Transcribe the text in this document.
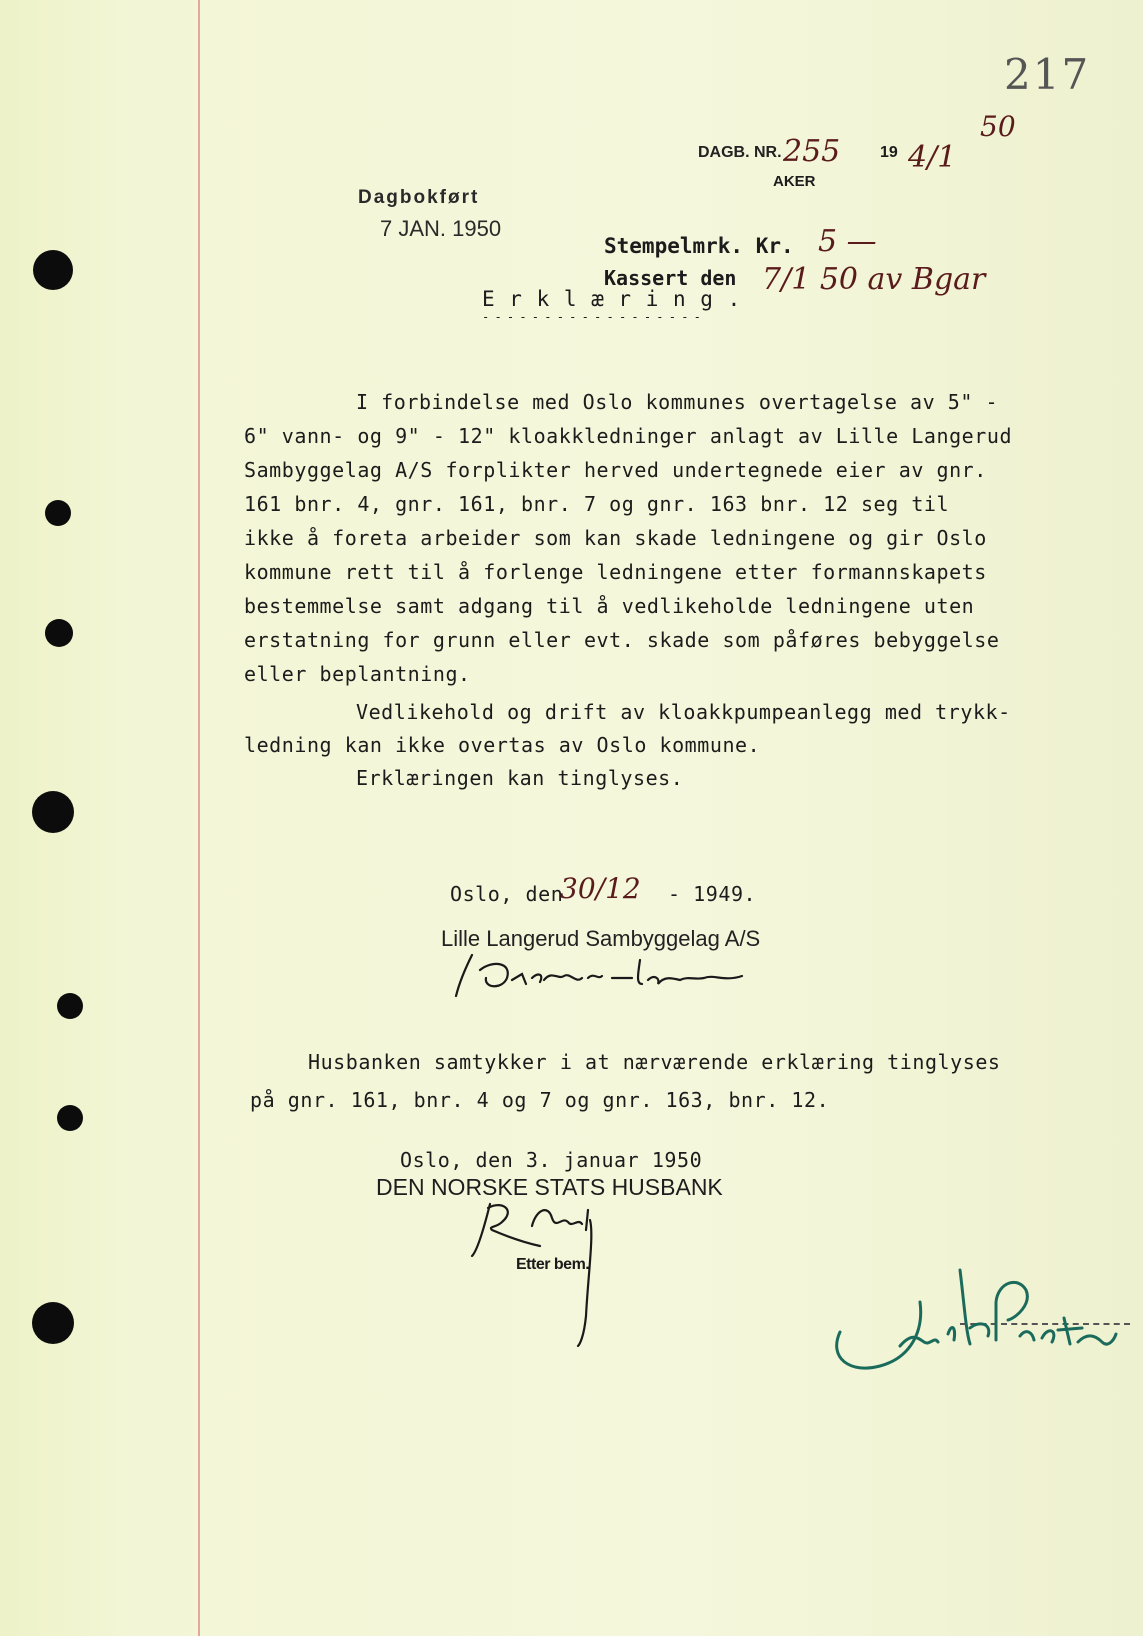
217
DAGB. NR. 255 19
50
4/1
AKER
Dagbokført
7 JAN. 1950
Stempelmrk. Kr. 5 —
Kassert den 7/1 50 av Bgar
E r k l æ r i n g .
- - - - - - - - - - - - - - - - - -
I forbindelse med Oslo kommunes overtagelse av 5" -
6" vann- og 9" - 12" kloakkledninger anlagt av Lille Langerud
Sambyggelag A/S forplikter herved undertegnede eier av gnr.
161 bnr. 4, gnr. 161, bnr. 7 og gnr. 163 bnr. 12 seg til
ikke å foreta arbeider som kan skade ledningene og gir Oslo
kommune rett til å forlenge ledningene etter formannskapets
bestemmelse samt adgang til å vedlikeholde ledningene uten
erstatning for grunn eller evt. skade som påføres bebyggelse
eller beplantning.
Vedlikehold og drift av kloakkpumpeanlegg med trykk-
ledning kan ikke overtas av Oslo kommune.
Erklæringen kan tinglyses.
Oslo, den
30/12 - 1949.
Lille Langerud Sambyggelag A/S
Husbanken samtykker i at nærværende erklæring tinglyses
på gnr. 161, bnr. 4 og 7 og gnr. 163, bnr. 12.
Oslo, den 3. januar 1950
DEN NORSKE STATS HUSBANK
Etter bem.
